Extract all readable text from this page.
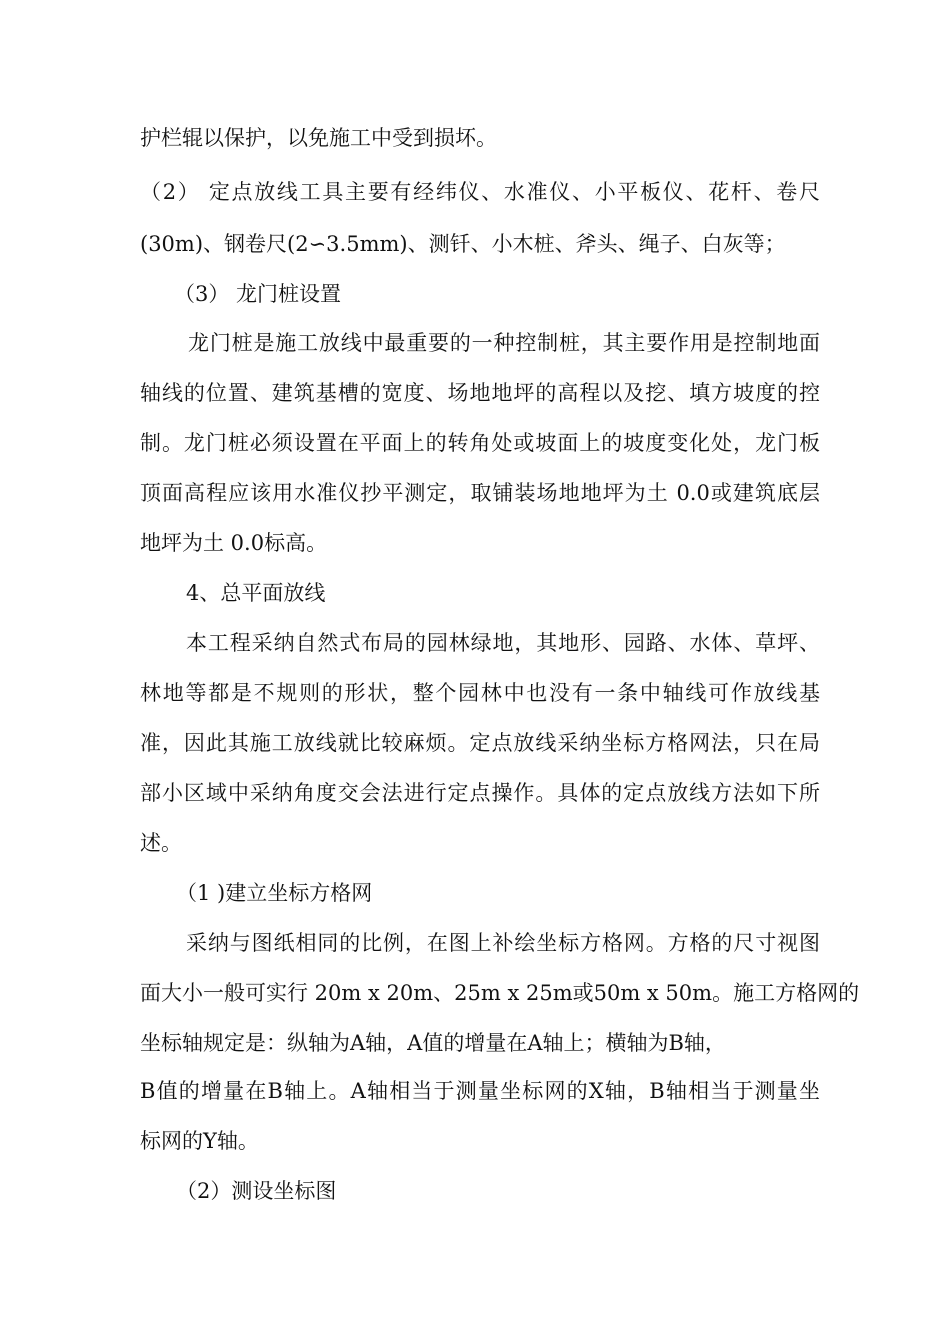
护栏辊以保护，以免施工中受到损坏。
（2） 定点放线工具主要有经纬仪、水准仪、小平板仪、花杆、卷尺
(30m)、钢卷尺(2∽3.5mm)、测钎、小木桩、斧头、绳子、白灰等；
（3） 龙门桩设置
龙门桩是施工放线中最重要的一种控制桩，其主要作用是控制地面
轴线的位置、建筑基槽的宽度、场地地坪的高程以及挖、填方坡度的控
制。龙门桩必须设置在平面上的转角处或坡面上的坡度变化处，龙门板
顶面高程应该用水准仪抄平测定，取铺装场地地坪为土 0.0或建筑底层
地坪为土 0.0标高。
4、总平面放线
本工程采纳自然式布局的园林绿地，其地形、园路、水体、草坪、
林地等都是不规则的形状，整个园林中也没有一条中轴线可作放线基
准，因此其施工放线就比较麻烦。定点放线采纳坐标方格网法，只在局
部小区域中采纳角度交会法进行定点操作。具体的定点放线方法如下所
述。
（1 )建立坐标方格网
采纳与图纸相同的比例，在图上补绘坐标方格网。方格的尺寸视图
面大小一般可实行 20m x 20m、25m x 25m或50m x 50m。施工方格网的
坐标轴规定是：纵轴为A轴，A值的增量在A轴上；横轴为B轴，
B值的增量在B轴上。A轴相当于测量坐标网的X轴，B轴相当于测量坐
标网的Y轴。
（2）测设坐标图
